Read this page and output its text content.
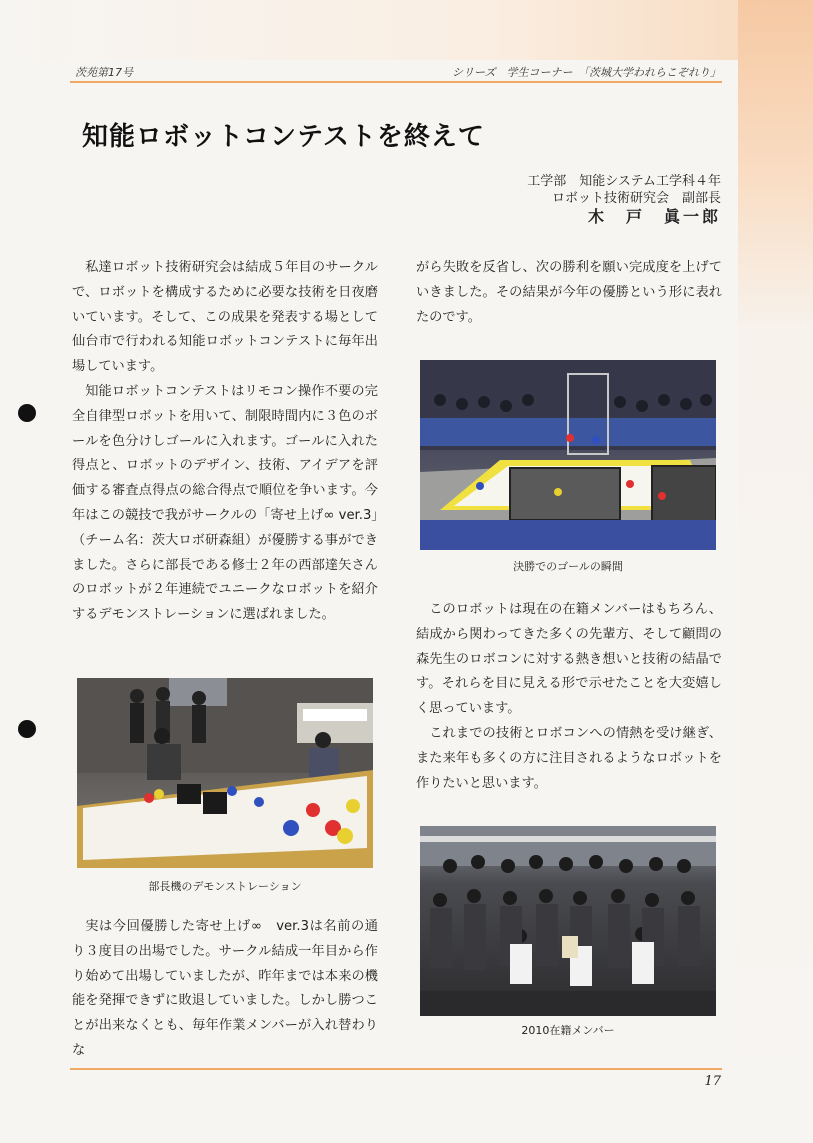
茨苑第17号	シリーズ　学生コーナー　「茨城大学われらこぞれり」
知能ロボットコンテストを終えて
工学部　知能システム工学科４年
ロボット技術研究会　副部長
木　戸　眞一郎

私達ロボット技術研究会は結成５年目のサークルで、ロボットを構成するために必要な技術を日夜磨いています。そして、この成果を発表する場として仙台市で行われる知能ロボットコンテストに毎年出場しています。

知能ロボットコンテストはリモコン操作不要の完全自律型ロボットを用いて、制限時間内に３色のボールを色分けしゴールに入れます。ゴールに入れた得点と、ロボットのデザイン、技術、アイデアを評価する審査点得点の総合得点で順位を争います。今年はこの競技で我がサークルの「寄せ上げ∞ ver.3」（チーム名：茨大ロボ研森組）が優勝する事ができました。さらに部長である修士２年の西部達矢さんのロボットが２年連続でユニークなロボットを紹介するデモンストレーションに選ばれました。

部長機のデモンストレーション

実は今回優勝した寄せ上げ∞　ver.3は名前の通り３度目の出場でした。サークル結成一年目から作り始めて出場していましたが、昨年までは本来の機能を発揮できずに敗退していました。しかし勝つことが出来なくとも、毎年作業メンバーが入れ替わりな

がら失敗を反省し、次の勝利を願い完成度を上げていきました。その結果が今年の優勝という形に表れたのです。

決勝でのゴールの瞬間

このロボットは現在の在籍メンバーはもちろん、結成から関わってきた多くの先輩方、そして顧問の森先生のロボコンに対する熱き想いと技術の結晶です。それらを目に見える形で示せたことを大変嬉しく思っています。

これまでの技術とロボコンへの情熱を受け継ぎ、また来年も多くの方に注目されるようなロボットを作りたいと思います。

2010在籍メンバー
17
